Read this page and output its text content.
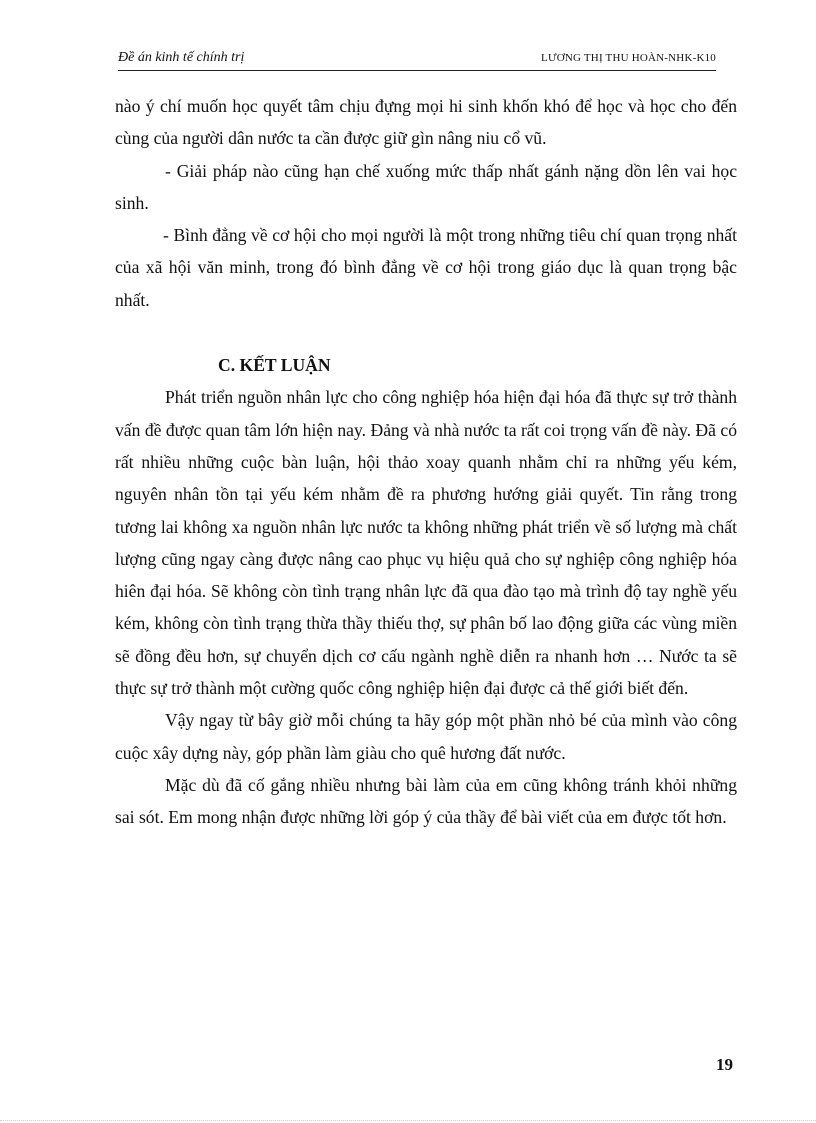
Đề án kinh tế chính trị	LƯƠNG THỊ THU HOÀN-NHK-K10

nào ý chí muốn học quyết tâm chịu đựng mọi hi sinh khốn khó để học và học cho đến cùng của người dân nước ta cần được giữ gìn nâng niu cổ vũ.

- Giải pháp nào cũng hạn chế xuống mức thấp nhất gánh nặng dồn lên vai học sinh.

- Bình đẳng về cơ hội cho mọi người là một trong những tiêu chí quan trọng nhất của xã hội văn minh, trong đó bình đẳng về cơ hội trong giáo dục là quan trọng bậc nhất.

C. KẾT LUẬN

Phát triển nguồn nhân lực cho công nghiệp hóa hiện đại hóa đã thực sự trở thành vấn đề được quan tâm lớn hiện nay. Đảng và nhà nước ta rất coi trọng vấn đề này. Đã có rất nhiều những cuộc bàn luận, hội thảo xoay quanh nhằm chỉ ra những yếu kém, nguyên nhân tồn tại yếu kém nhằm đề ra phương hướng giải quyết. Tin rằng trong tương lai không xa nguồn nhân lực nước ta không những phát triển về số lượng mà chất lượng cũng ngay càng được nâng cao phục vụ hiệu quả cho sự nghiệp công nghiệp hóa hiên đại hóa. Sẽ không còn tình trạng nhân lực đã qua đào tạo mà trình độ tay nghề yếu kém, không còn tình trạng thừa thầy thiếu thợ, sự phân bố lao động giữa các vùng miền sẽ đồng đều hơn, sự chuyển dịch cơ cấu ngành nghề diễn ra nhanh hơn … Nước ta sẽ thực sự trở thành một cường quốc công nghiệp hiện đại được cả thế giới biết đến.

Vậy ngay từ bây giờ mỗi chúng ta hãy góp một phần nhỏ bé của mình vào công cuộc xây dựng này, góp phần làm giàu cho quê hương đất nước.

Mặc dù đã cố gắng nhiều nhưng bài làm của em cũng không tránh khỏi những sai sót. Em mong nhận được những lời góp ý của thầy để bài viết của em được tốt hơn.

19
